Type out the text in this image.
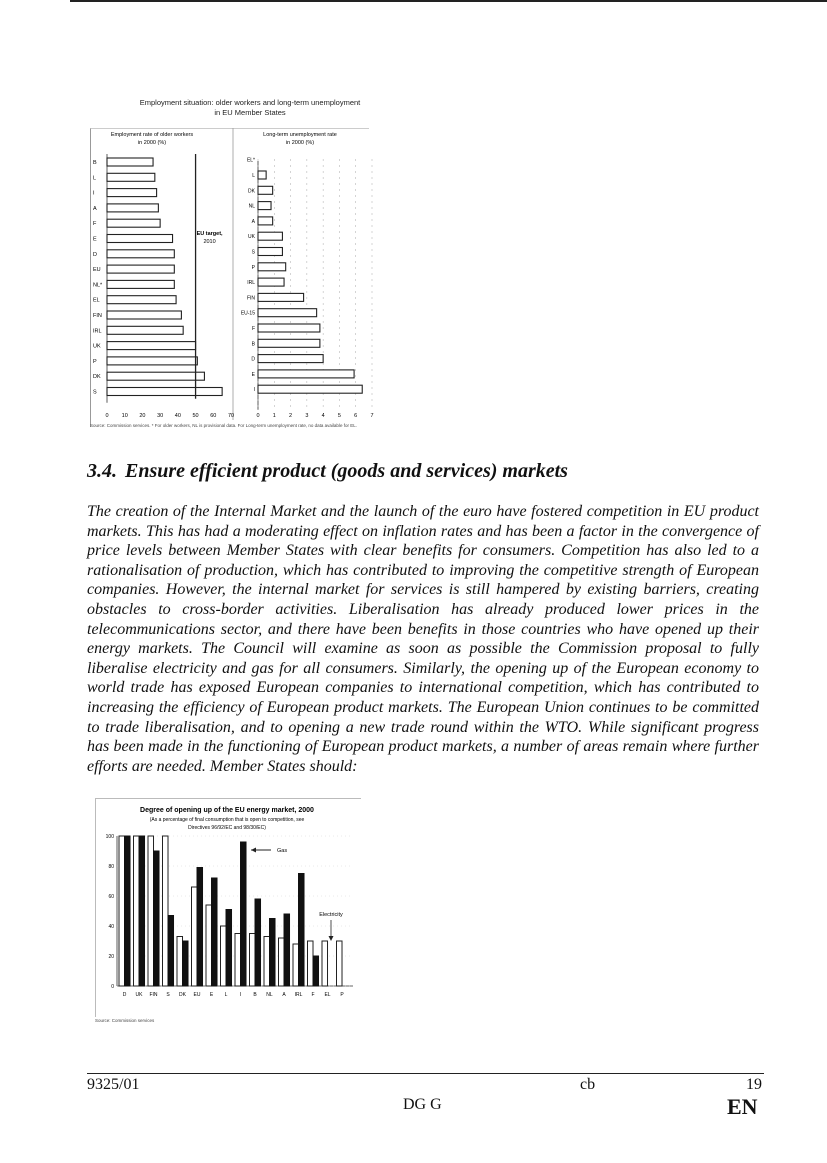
Employment situation: older workers and long-term unemployment
in EU Member States
Employment rate of older workers
in 2000 (%)
Long-term unemployment rate
in 2000 (%)
B
L
I
A
F
E
D
EU
NL*
EL
FIN
IRL
UK
P
DK
S
EU target,
2010
0 10 20 30 40 50 60 70
EL*
L
DK
NL
A
UK
S
P
IRL
FIN
EU-15
F
B
D
E
I
0 1 2 3 4 5 6 7
Source: Commission services. * For older workers, NL is provisional data. For Long-term unemployment rate, no data available for EL.
3.4. Ensure efficient product (goods and services) markets
The creation of the Internal Market and the launch of the euro have fostered competition in EU product markets. This has had a moderating effect on inflation rates and has been a factor in the convergence of price levels between Member States with clear benefits for consumers. Competition has also led to a rationalisation of production, which has contributed to improving the competitive strength of European companies. However, the internal market for services is still hampered by existing barriers, creating obstacles to cross-border activities. Liberalisation has already produced lower prices in the telecommunications sector, and there have been benefits in those countries who have opened up their energy markets. The Council will examine as soon as possible the Commission proposal to fully liberalise electricity and gas for all consumers. Similarly, the opening up of the European economy to world trade has exposed European companies to international competition, which has contributed to increasing the efficiency of European product markets. The European Union continues to be committed to trade liberalisation, and to opening a new trade round within the WTO. While significant progress has been made in the functioning of European product markets, a number of areas remain where further efforts are needed. Member States should:
Degree of opening up of the EU energy market, 2000
(As a percentage of final consumption that is open to competition, see
Directives 96/92/EC and 98/30/EC)
0
20
40
60
80
100
D UK FIN S DK EU E L I B NL A IRL F EL P
Gas
Electricity
Source: Commission services
9325/01	cb
DG G
19
EN
